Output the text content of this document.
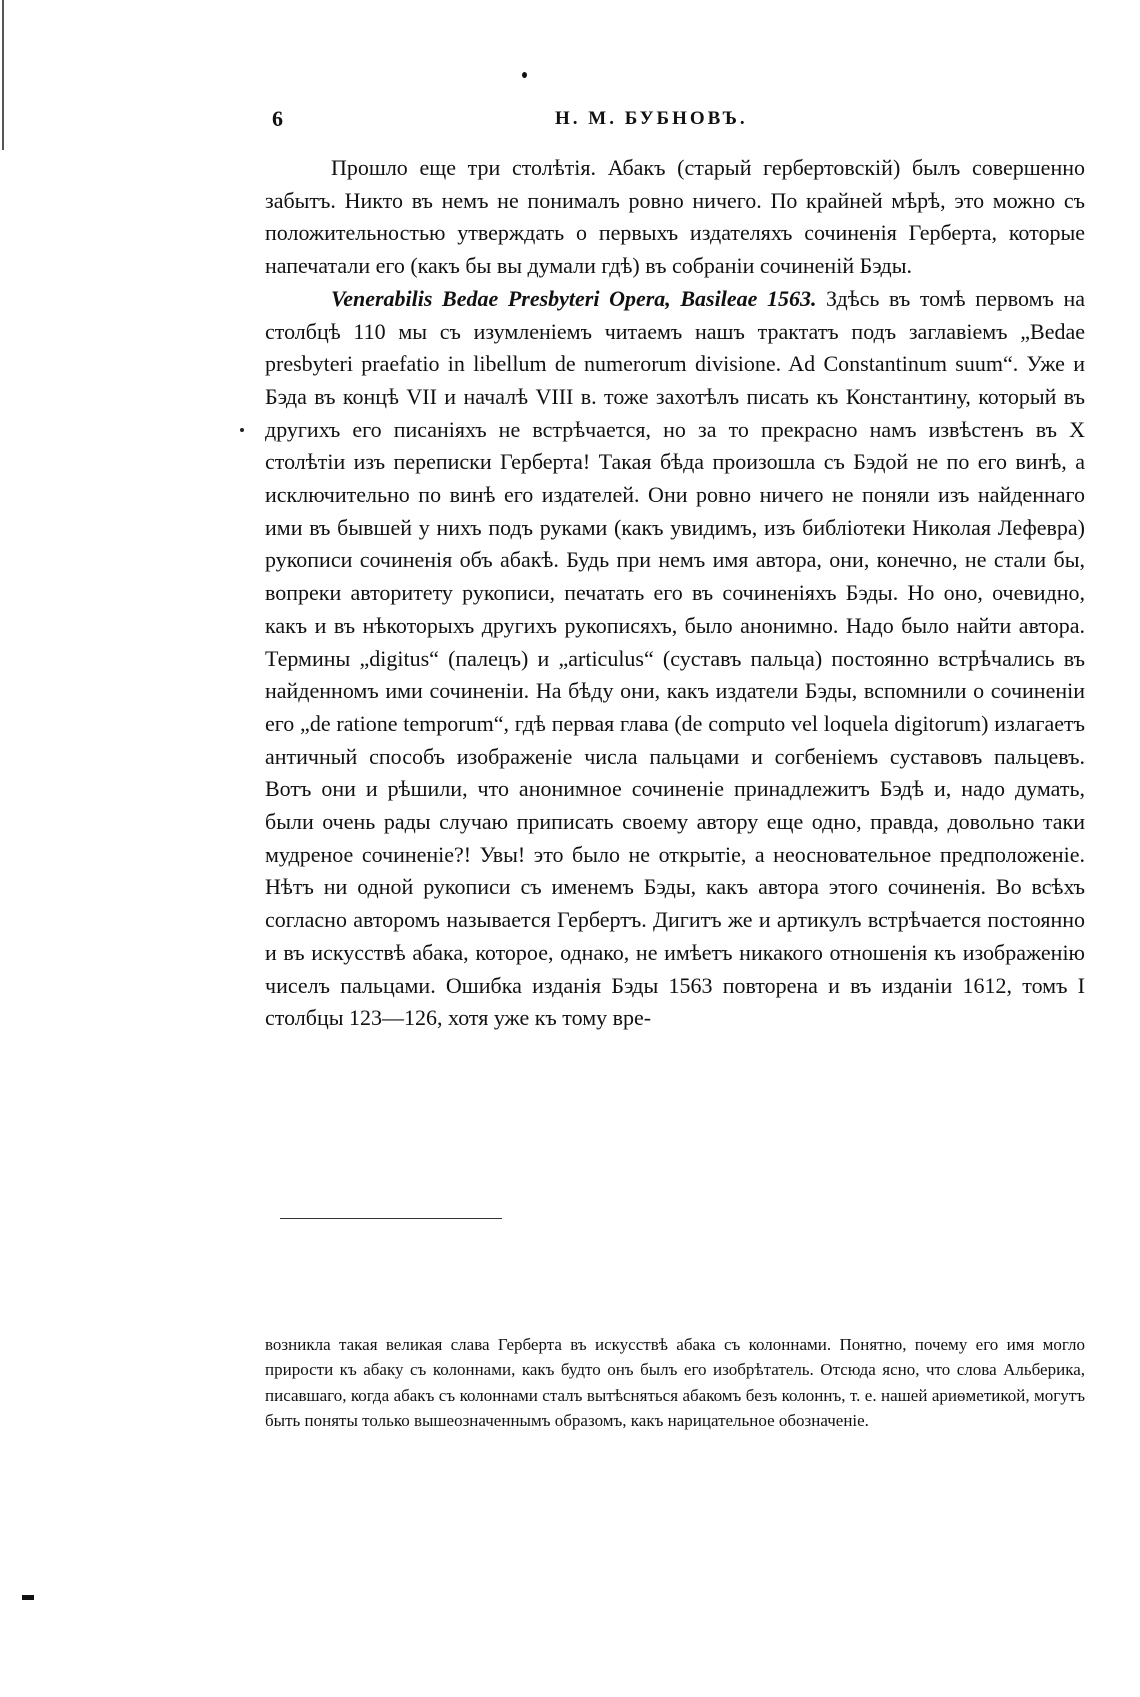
6	Н. М. БУБНОВЪ.

Прошло еще три столѣтія. Абакъ (старый гербертовскій) былъ совершенно забытъ. Никто въ немъ не понималъ ровно ничего. По крайней мѣрѣ, это можно съ положительностью утверждать о первыхъ издателяхъ сочиненія Герберта, которые напечатали его (какъ бы вы думали гдѣ) въ собраніи сочиненій Бэды.

Venerabilis Bedae Presbyteri Opera, Basileae 1563. Здѣсь въ томѣ первомъ на столбцѣ 110 мы съ изумленіемъ читаемъ нашъ трактатъ подъ заглавіемъ „Bedae presbyteri praefatio in libellum de numerorum divisione. Ad Constantinum suum“. Уже и Бэда въ концѣ VII и началѣ VIII в. тоже захотѣлъ писать къ Константину, который въ другихъ его писаніяхъ не встрѣчается, но за то прекрасно намъ извѣстенъ въ X столѣтіи изъ переписки Герберта! Такая бѣда произошла съ Бэдой не по его винѣ, а исключительно по винѣ его издателей. Они ровно ничего не поняли изъ найденнаго ими въ бывшей у нихъ подъ руками (какъ увидимъ, изъ библіотеки Николая Лефевра) рукописи сочиненія объ абакѣ. Будь при немъ имя автора, они, конечно, не стали бы, вопреки авторитету рукописи, печатать его въ сочиненіяхъ Бэды. Но оно, очевидно, какъ и въ нѣкоторыхъ другихъ рукописяхъ, было анонимно. Надо было найти автора. Термины „digitus“ (палецъ) и „articulus“ (суставъ пальца) постоянно встрѣчались въ найденномъ ими сочиненіи. На бѣду они, какъ издатели Бэды, вспомнили о сочиненіи его „de ratione temporum“, гдѣ первая глава (de computo vel loquela digitorum) излагаетъ античный способъ изображеніе числа пальцами и согбеніемъ суставовъ пальцевъ. Вотъ они и рѣшили, что анонимное сочиненіе принадлежитъ Бэдѣ и, надо думать, были очень рады случаю приписать своему автору еще одно, правда, довольно таки мудреное сочиненіе?! Увы! это было не открытіе, а неосновательное предположеніе. Нѣтъ ни одной рукописи съ именемъ Бэды, какъ автора этого сочиненія. Во всѣхъ согласно авторомъ называется Гербертъ. Дигитъ же и артикулъ встрѣчается постоянно и въ искусствѣ абака, которое, однако, не имѣетъ никакого отношенія къ изображенію чиселъ пальцами. Ошибка изданія Бэды 1563 повторена и въ изданіи 1612, томъ I столбцы 123—126, хотя уже къ тому вре-

возникла такая великая слава Герберта въ искусствѣ абака съ колоннами. Понятно, почему его имя могло прирости къ абаку съ колоннами, какъ будто онъ былъ его изобрѣтатель. Отсюда ясно, что слова Альберика, писавшаго, когда абакъ съ колоннами сталъ вытѣсняться абакомъ безъ колоннъ, т. е. нашей ариѳметикой, могутъ быть поняты только вышеозначеннымъ образомъ, какъ нарицательное обозначеніе.
